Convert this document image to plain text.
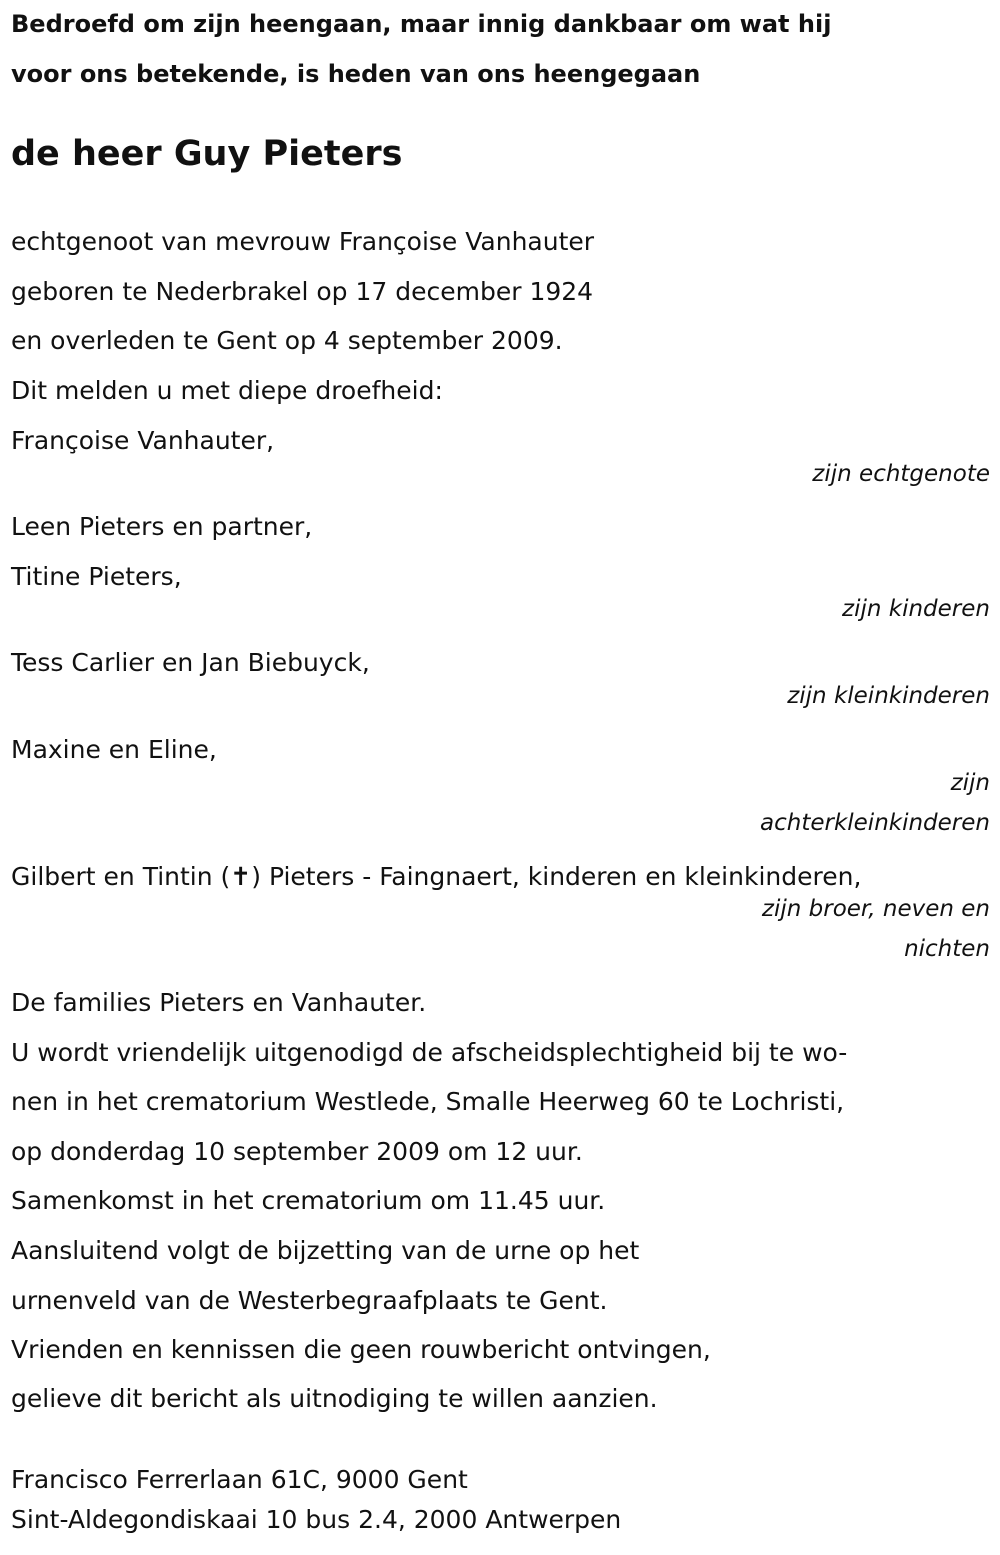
Bedroefd om zijn heengaan, maar innig dankbaar om wat hij
voor ons betekende, is heden van ons heengegaan
de heer Guy Pieters
echtgenoot van mevrouw Françoise Vanhauter
geboren te Nederbrakel op 17 december 1924
en overleden te Gent op 4 september 2009.
Dit melden u met diepe droefheid:
Françoise Vanhauter,
zijn echtgenote
Leen Pieters en partner,
Titine Pieters,
zijn kinderen
Tess Carlier en Jan Biebuyck,
zijn kleinkinderen
Maxine en Eline,
zijn
achterkleinkinderen
Gilbert en Tintin (✝) Pieters - Faingnaert, kinderen en kleinkinderen,
zijn broer, neven en
nichten
De families Pieters en Vanhauter.
U wordt vriendelijk uitgenodigd de afscheidsplechtigheid bij te wo-
nen in het crematorium Westlede, Smalle Heerweg 60 te Lochristi,
op donderdag 10 september 2009 om 12 uur.
Samenkomst in het crematorium om 11.45 uur.
Aansluitend volgt de bijzetting van de urne op het
urnenveld van de Westerbegraafplaats te Gent.
Vrienden en kennissen die geen rouwbericht ontvingen,
gelieve dit bericht als uitnodiging te willen aanzien.
Francisco Ferrerlaan 61C, 9000 Gent
Sint-Aldegondiskaai 10 bus 2.4, 2000 Antwerpen
